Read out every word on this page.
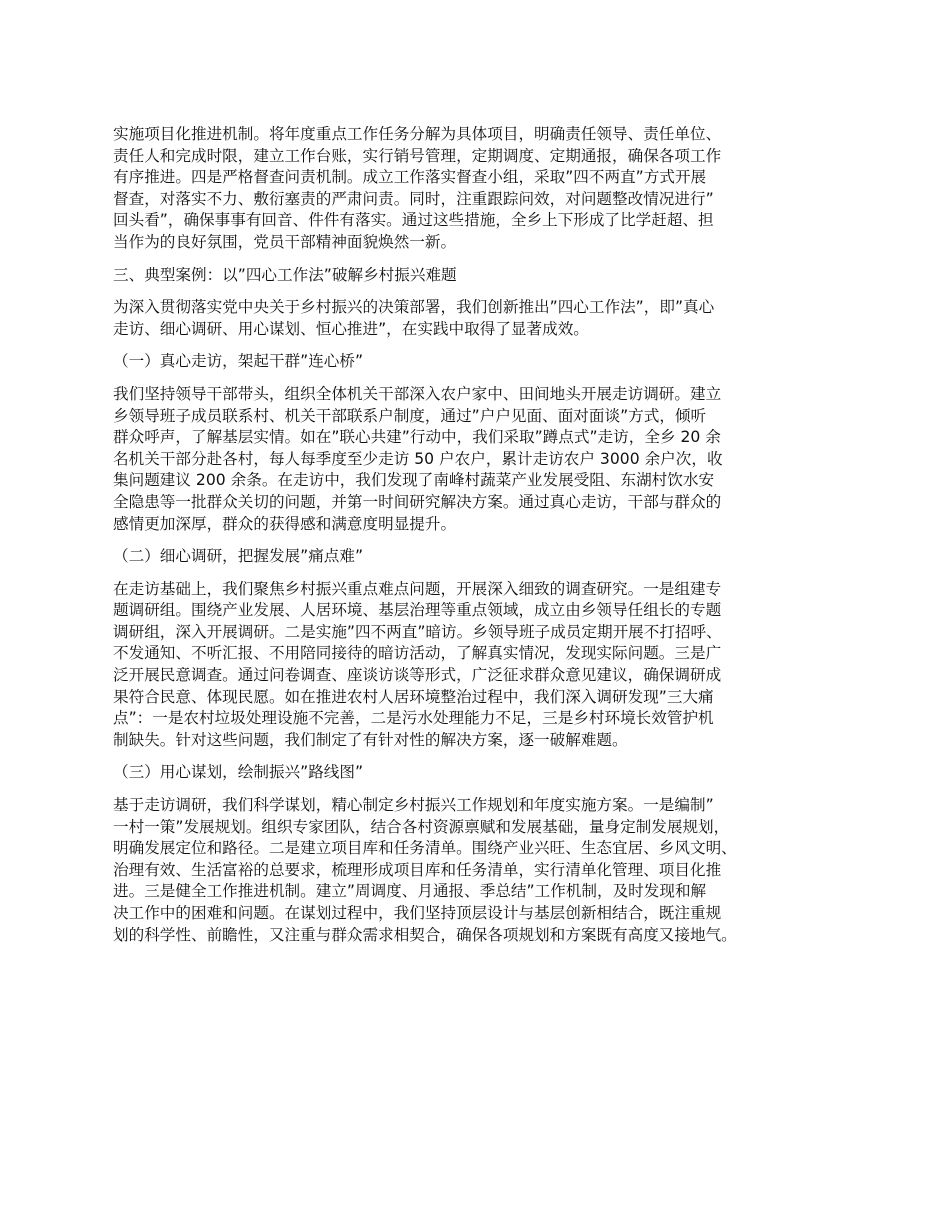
实施项目化推进机制。将年度重点工作任务分解为具体项目，明确责任领导、责任单位、
责任人和完成时限，建立工作台账，实行销号管理，定期调度、定期通报，确保各项工作
有序推进。四是严格督查问责机制。成立工作落实督查小组，采取”四不两直”方式开展
督查，对落实不力、敷衍塞责的严肃问责。同时，注重跟踪问效，对问题整改情况进行”
回头看”，确保事事有回音、件件有落实。通过这些措施，全乡上下形成了比学赶超、担
当作为的良好氛围，党员干部精神面貌焕然一新。
三、典型案例：以”四心工作法”破解乡村振兴难题
为深入贯彻落实党中央关于乡村振兴的决策部署，我们创新推出”四心工作法”，即”真心
走访、细心调研、用心谋划、恒心推进”，在实践中取得了显著成效。
（一）真心走访，架起干群”连心桥”
我们坚持领导干部带头，组织全体机关干部深入农户家中、田间地头开展走访调研。建立
乡领导班子成员联系村、机关干部联系户制度，通过”户户见面、面对面谈”方式，倾听
群众呼声，了解基层实情。如在”联心共建”行动中，我们采取”蹲点式”走访，全乡 20 余
名机关干部分赴各村，每人每季度至少走访 50 户农户，累计走访农户 3000 余户次，收
集问题建议 200 余条。在走访中，我们发现了南峰村蔬菜产业发展受阻、东湖村饮水安
全隐患等一批群众关切的问题，并第一时间研究解决方案。通过真心走访，干部与群众的
感情更加深厚，群众的获得感和满意度明显提升。
（二）细心调研，把握发展”痛点难”
在走访基础上，我们聚焦乡村振兴重点难点问题，开展深入细致的调查研究。一是组建专
题调研组。围绕产业发展、人居环境、基层治理等重点领域，成立由乡领导任组长的专题
调研组，深入开展调研。二是实施”四不两直”暗访。乡领导班子成员定期开展不打招呼、
不发通知、不听汇报、不用陪同接待的暗访活动，了解真实情况，发现实际问题。三是广
泛开展民意调查。通过问卷调查、座谈访谈等形式，广泛征求群众意见建议，确保调研成
果符合民意、体现民愿。如在推进农村人居环境整治过程中，我们深入调研发现”三大痛
点”：一是农村垃圾处理设施不完善，二是污水处理能力不足，三是乡村环境长效管护机
制缺失。针对这些问题，我们制定了有针对性的解决方案，逐一破解难题。
（三）用心谋划，绘制振兴”路线图”
基于走访调研，我们科学谋划，精心制定乡村振兴工作规划和年度实施方案。一是编制”
一村一策”发展规划。组织专家团队，结合各村资源禀赋和发展基础，量身定制发展规划，
明确发展定位和路径。二是建立项目库和任务清单。围绕产业兴旺、生态宜居、乡风文明、
治理有效、生活富裕的总要求，梳理形成项目库和任务清单，实行清单化管理、项目化推
进。三是健全工作推进机制。建立”周调度、月通报、季总结”工作机制，及时发现和解
决工作中的困难和问题。在谋划过程中，我们坚持顶层设计与基层创新相结合，既注重规
划的科学性、前瞻性，又注重与群众需求相契合，确保各项规划和方案既有高度又接地气。
